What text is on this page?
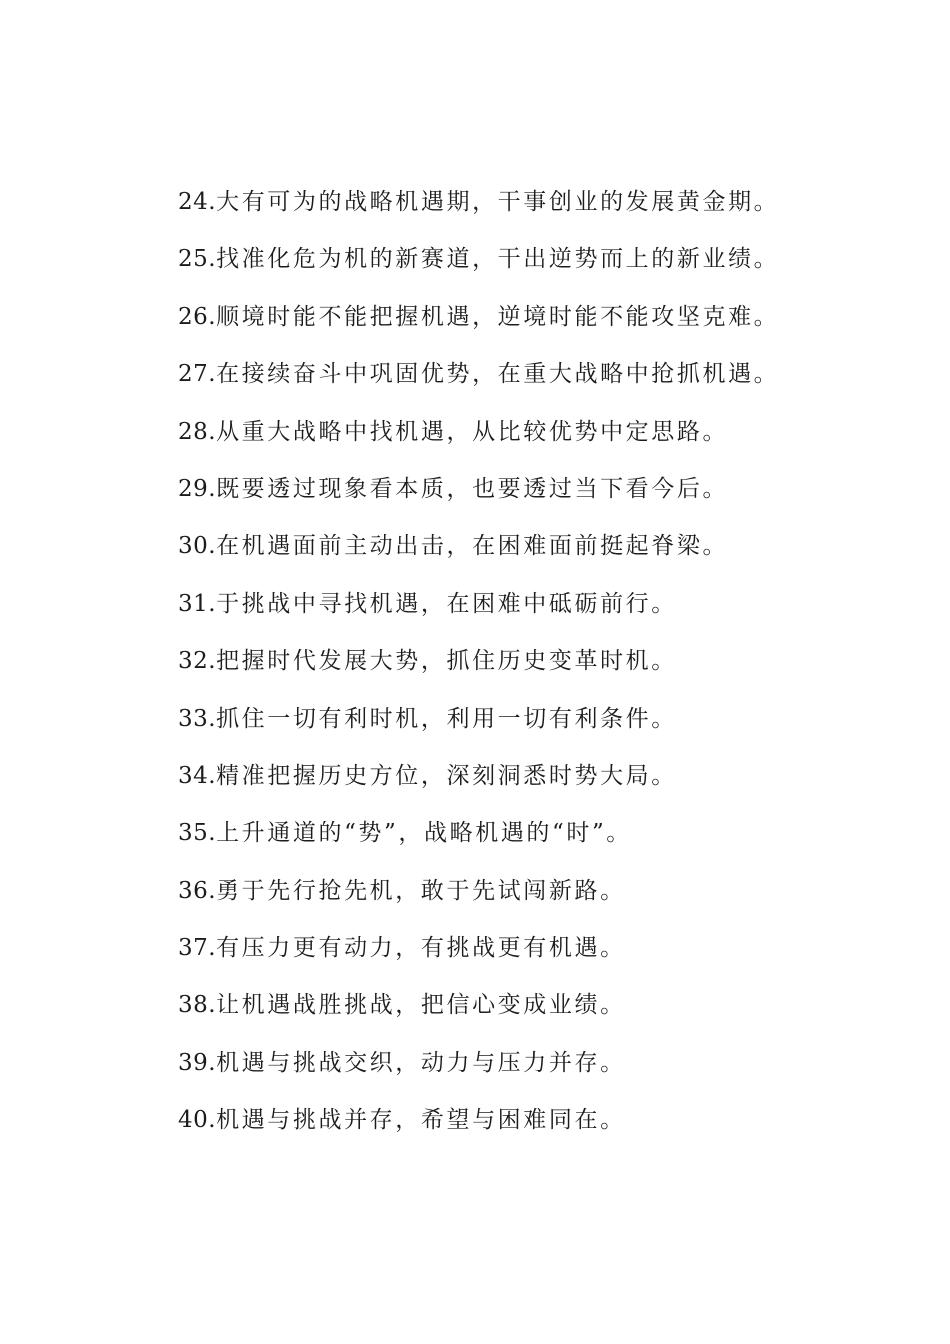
24. 大有可为的战略机遇期，干事创业的发展黄金期。
25. 找准化危为机的新赛道，干出逆势而上的新业绩。
26. 顺境时能不能把握机遇，逆境时能不能攻坚克难。
27. 在接续奋斗中巩固优势，在重大战略中抢抓机遇。
28. 从重大战略中找机遇，从比较优势中定思路。
29. 既要透过现象看本质，也要透过当下看今后。
30. 在机遇面前主动出击，在困难面前挺起脊梁。
31. 于挑战中寻找机遇，在困难中砥砺前行。
32. 把握时代发展大势，抓住历史变革时机。
33. 抓住一切有利时机，利用一切有利条件。
34. 精准把握历史方位，深刻洞悉时势大局。
35. 上升通道的“势”，战略机遇的“时”。
36. 勇于先行抢先机，敢于先试闯新路。
37. 有压力更有动力，有挑战更有机遇。
38. 让机遇战胜挑战，把信心变成业绩。
39. 机遇与挑战交织，动力与压力并存。
40. 机遇与挑战并存，希望与困难同在。
